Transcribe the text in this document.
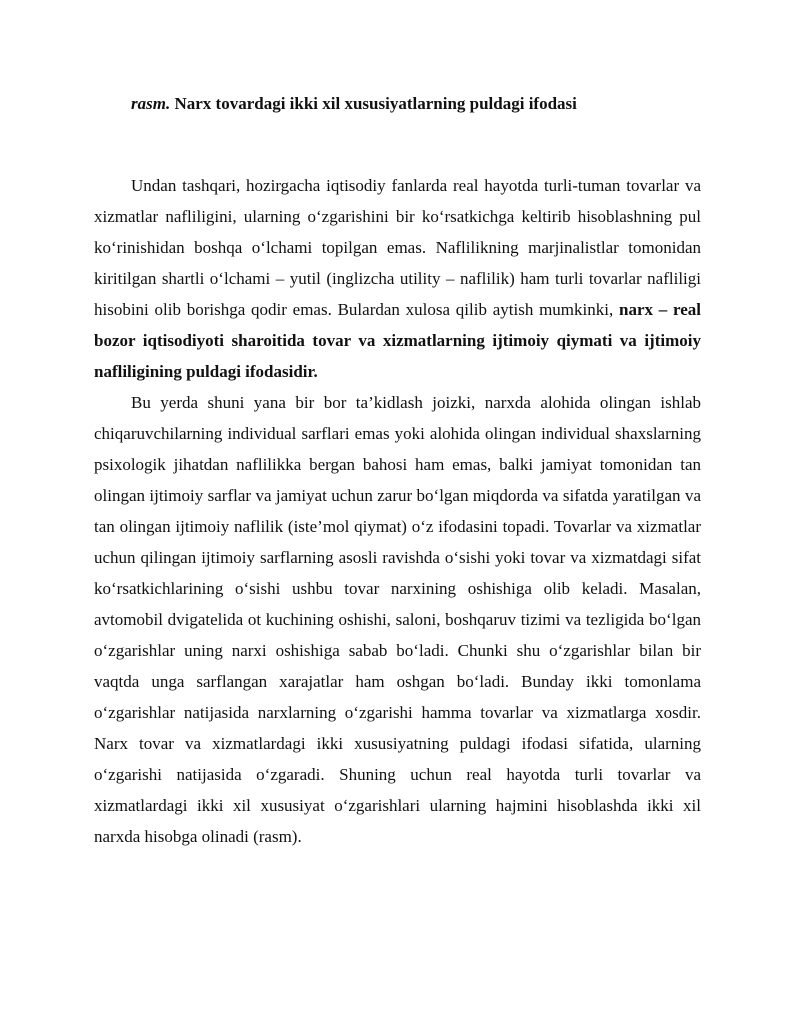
rasm. Narx tovardagi ikki xil xususiyatlarning puldagi ifodasi

Undan tashqari, hozirgacha iqtisodiy fanlarda real hayotda turli-tuman tovarlar va xizmatlar nafliligini, ularning o‘zgarishini bir ko‘rsatkichga keltirib hisoblashning pul ko‘rinishidan boshqa o‘lchami topilgan emas. Naflilikning marjinalistlar tomonidan kiritilgan shartli o‘lchami – yutil (inglizcha utility – naflilik) ham turli tovarlar nafliligi hisobini olib borishga qodir emas. Bulardan xulosa qilib aytish mumkinki, narx – real bozor iqtisodiyoti sharoitida tovar va xizmatlarning ijtimoiy qiymati va ijtimoiy nafliligining puldagi ifodasidir.

Bu yerda shuni yana bir bor ta’kidlash joizki, narxda alohida olingan ishlab chiqaruvchilarning individual sarflari emas yoki alohida olingan individual shaxslarning psixologik jihatdan naflilikka bergan bahosi ham emas, balki jamiyat tomonidan tan olingan ijtimoiy sarflar va jamiyat uchun zarur bo‘lgan miqdorda va sifatda yaratilgan va tan olingan ijtimoiy naflilik (iste’mol qiymat) o‘z ifodasini topadi. Tovarlar va xizmatlar uchun qilingan ijtimoiy sarflarning asosli ravishda o‘sishi yoki tovar va xizmatdagi sifat ko‘rsatkichlarining o‘sishi ushbu tovar narxining oshishiga olib keladi. Masalan, avtomobil dvigatelida ot kuchining oshishi, saloni, boshqaruv tizimi va tezligida bo‘lgan o‘zgarishlar uning narxi oshishiga sabab bo‘ladi. Chunki shu o‘zgarishlar bilan bir vaqtda unga sarflangan xarajatlar ham oshgan bo‘ladi. Bunday ikki tomonlama o‘zgarishlar natijasida narxlarning o‘zgarishi hamma tovarlar va xizmatlarga xosdir. Narx tovar va xizmatlardagi ikki xususiyatning puldagi ifodasi sifatida, ularning o‘zgarishi natijasida o‘zgaradi. Shuning uchun real hayotda turli tovarlar va xizmatlardagi ikki xil xususiyat o‘zgarishlari ularning hajmini hisoblashda ikki xil narxda hisobga olinadi (rasm).
